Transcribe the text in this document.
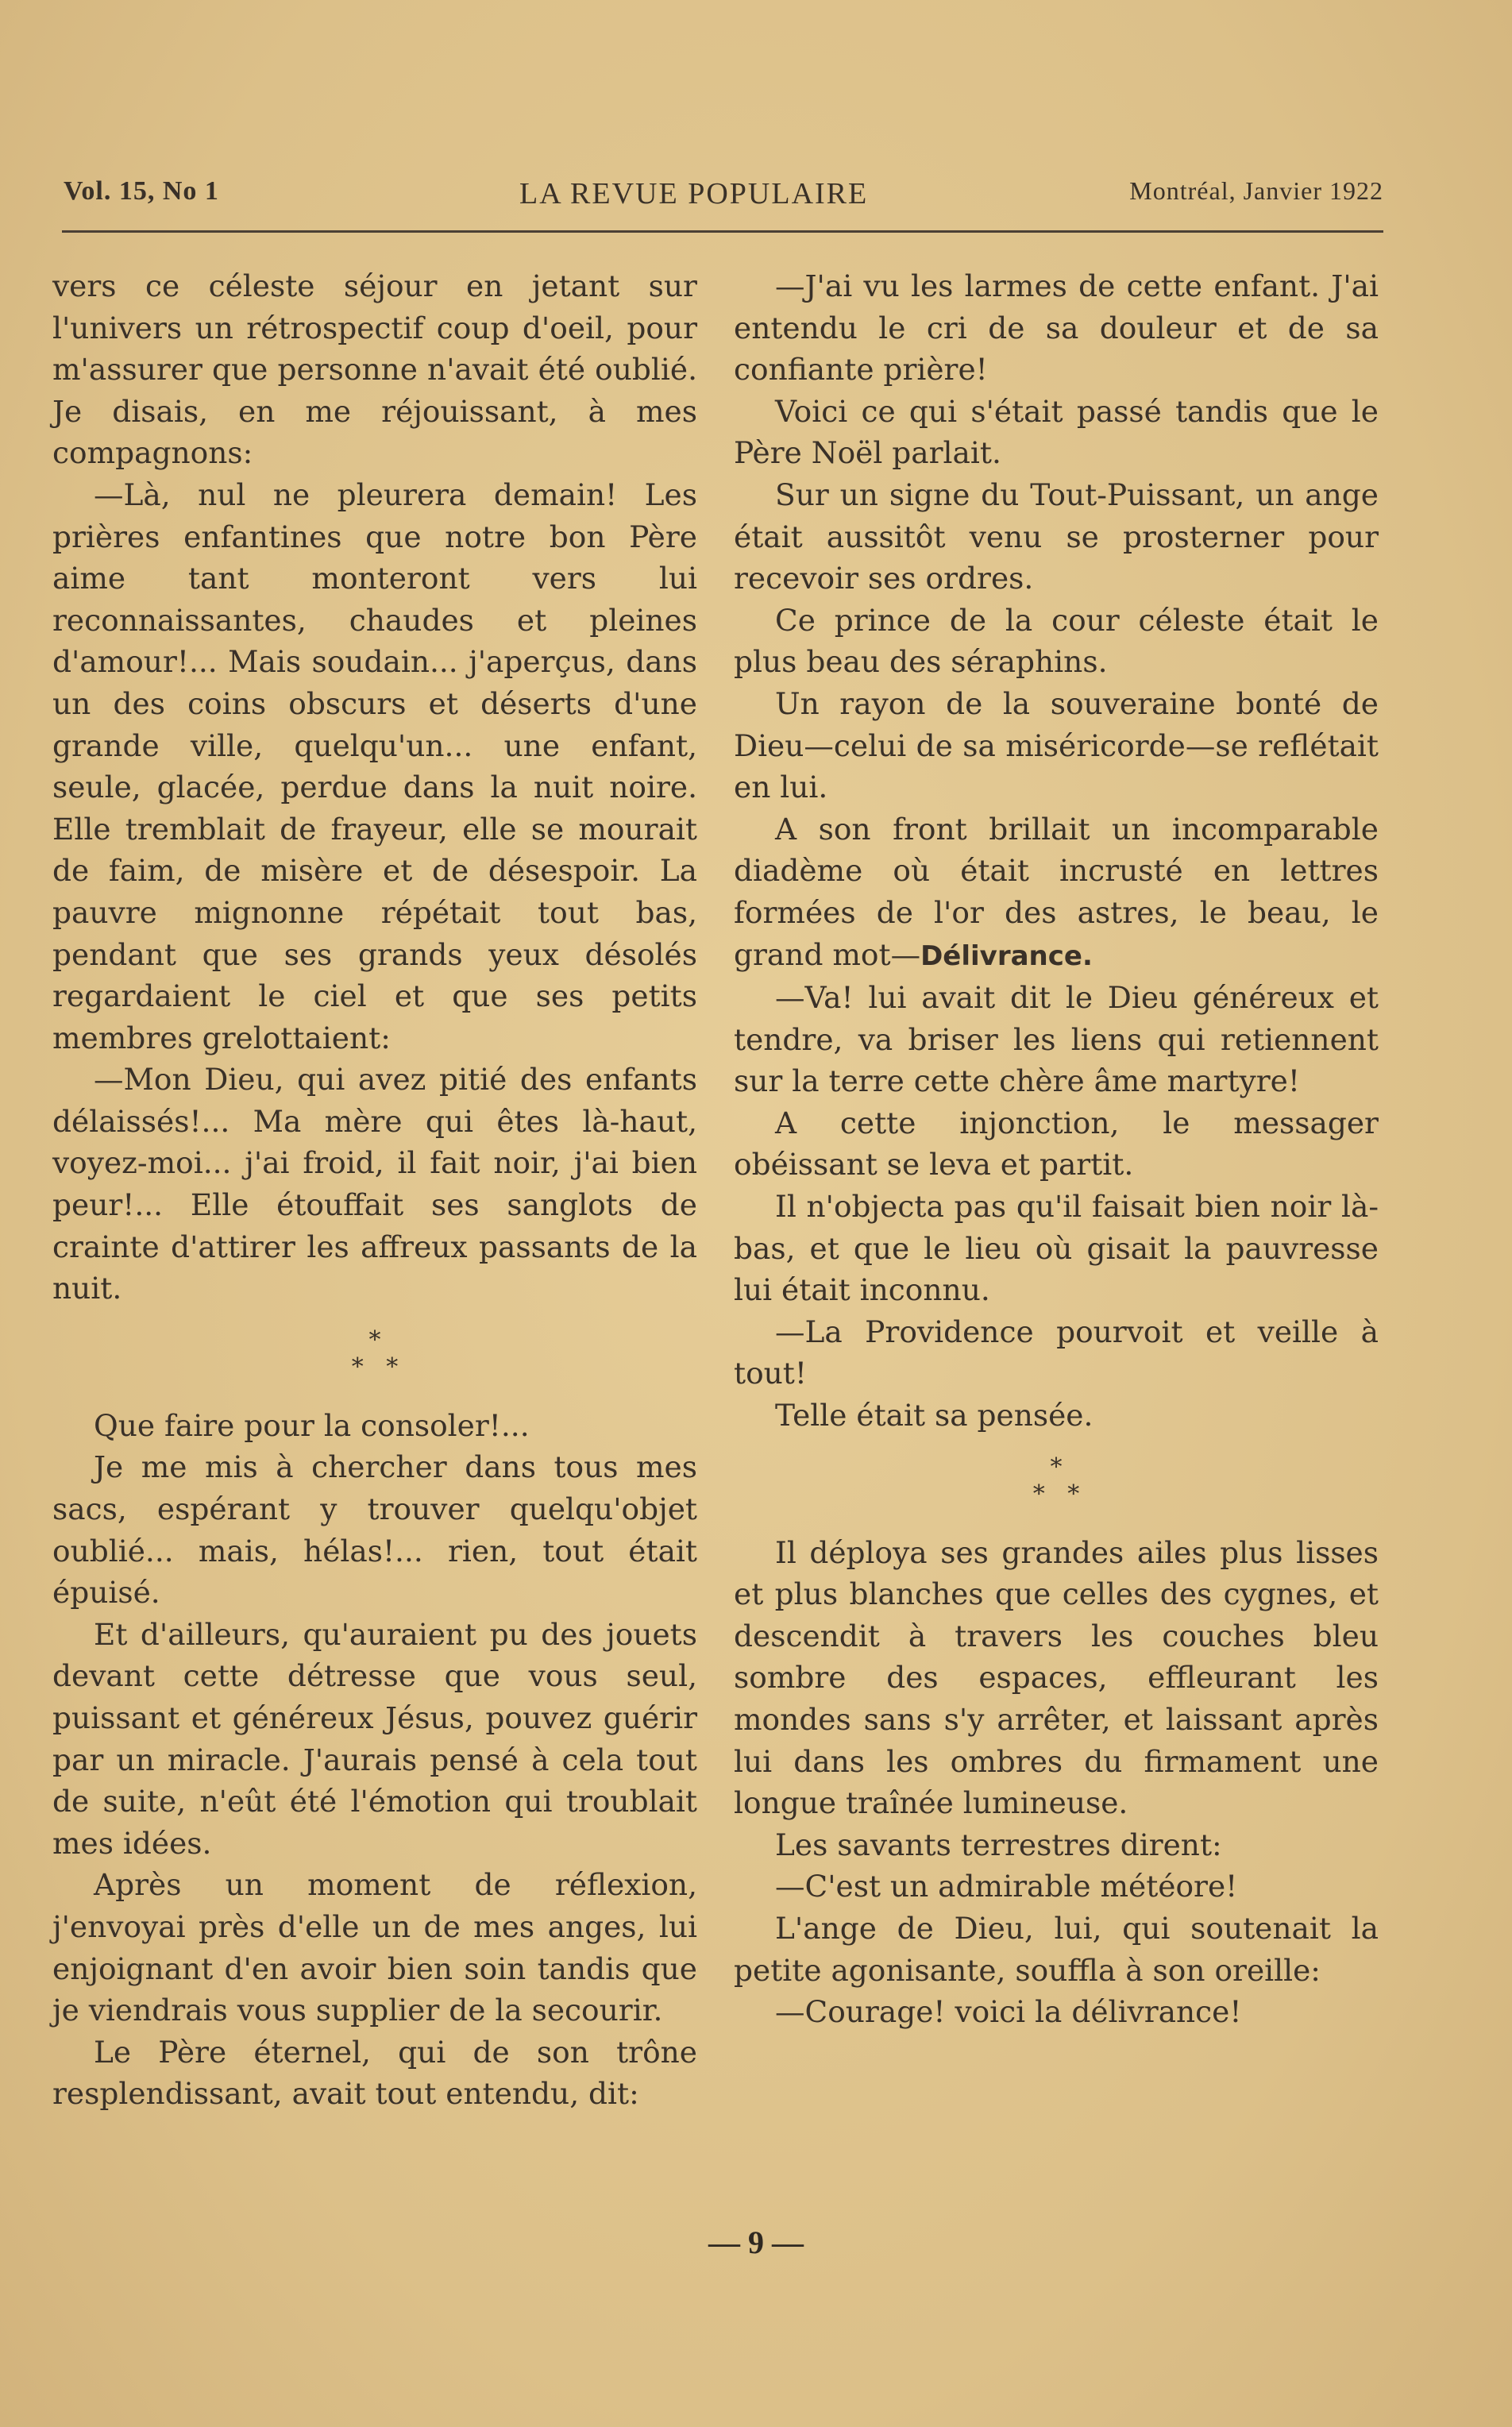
Vol. 15, No 1	LA REVUE POPULAIRE	Montréal, Janvier 1922

vers ce céleste séjour en jetant sur l'univers un rétrospectif coup d'oeil, pour m'assurer que personne n'avait été oublié. Je disais, en me réjouissant, à mes compagnons:

—Là, nul ne pleurera demain! Les prières enfantines que notre bon Père aime tant monteront vers lui reconnaissantes, chaudes et pleines d'amour!... Mais soudain... j'aperçus, dans un des coins obscurs et déserts d'une grande ville, quelqu'un... une enfant, seule, glacée, perdue dans la nuit noire. Elle tremblait de frayeur, elle se mourait de faim, de misère et de désespoir. La pauvre mignonne répétait tout bas, pendant que ses grands yeux désolés regardaient le ciel et que ses petits membres grelottaient:

—Mon Dieu, qui avez pitié des enfants délaissés!... Ma mère qui êtes là-haut, voyez-moi... j'ai froid, il fait noir, j'ai bien peur!... Elle étouffait ses sanglots de crainte d'attirer les affreux passants de la nuit.

*
* *

Que faire pour la consoler!...

Je me mis à chercher dans tous mes sacs, espérant y trouver quelqu'objet oublié... mais, hélas!... rien, tout était épuisé.

Et d'ailleurs, qu'auraient pu des jouets devant cette détresse que vous seul, puissant et généreux Jésus, pouvez guérir par un miracle. J'aurais pensé à cela tout de suite, n'eût été l'émotion qui troublait mes idées.

Après un moment de réflexion, j'envoyai près d'elle un de mes anges, lui enjoignant d'en avoir bien soin tandis que je viendrais vous supplier de la secourir.

Le Père éternel, qui de son trône resplendissant, avait tout entendu, dit:

—J'ai vu les larmes de cette enfant. J'ai entendu le cri de sa douleur et de sa confiante prière!

Voici ce qui s'était passé tandis que le Père Noël parlait.

Sur un signe du Tout-Puissant, un ange était aussitôt venu se prosterner pour recevoir ses ordres.

Ce prince de la cour céleste était le plus beau des séraphins.

Un rayon de la souveraine bonté de Dieu—celui de sa miséricorde—se reflétait en lui.

A son front brillait un incomparable diadème où était incrusté en lettres formées de l'or des astres, le beau, le grand mot—Délivrance.

—Va! lui avait dit le Dieu généreux et tendre, va briser les liens qui retiennent sur la terre cette chère âme martyre!

A cette injonction, le messager obéissant se leva et partit.

Il n'objecta pas qu'il faisait bien noir là-bas, et que le lieu où gisait la pauvresse lui était inconnu.

—La Providence pourvoit et veille à tout!

Telle était sa pensée.

*
* *

Il déploya ses grandes ailes plus lisses et plus blanches que celles des cygnes, et descendit à travers les couches bleu sombre des espaces, effleurant les mondes sans s'y arrêter, et laissant après lui dans les ombres du firmament une longue traînée lumineuse.

Les savants terrestres dirent:

—C'est un admirable météore!

L'ange de Dieu, lui, qui soutenait la petite agonisante, souffla à son oreille:

—Courage! voici la délivrance!

— 9 —
